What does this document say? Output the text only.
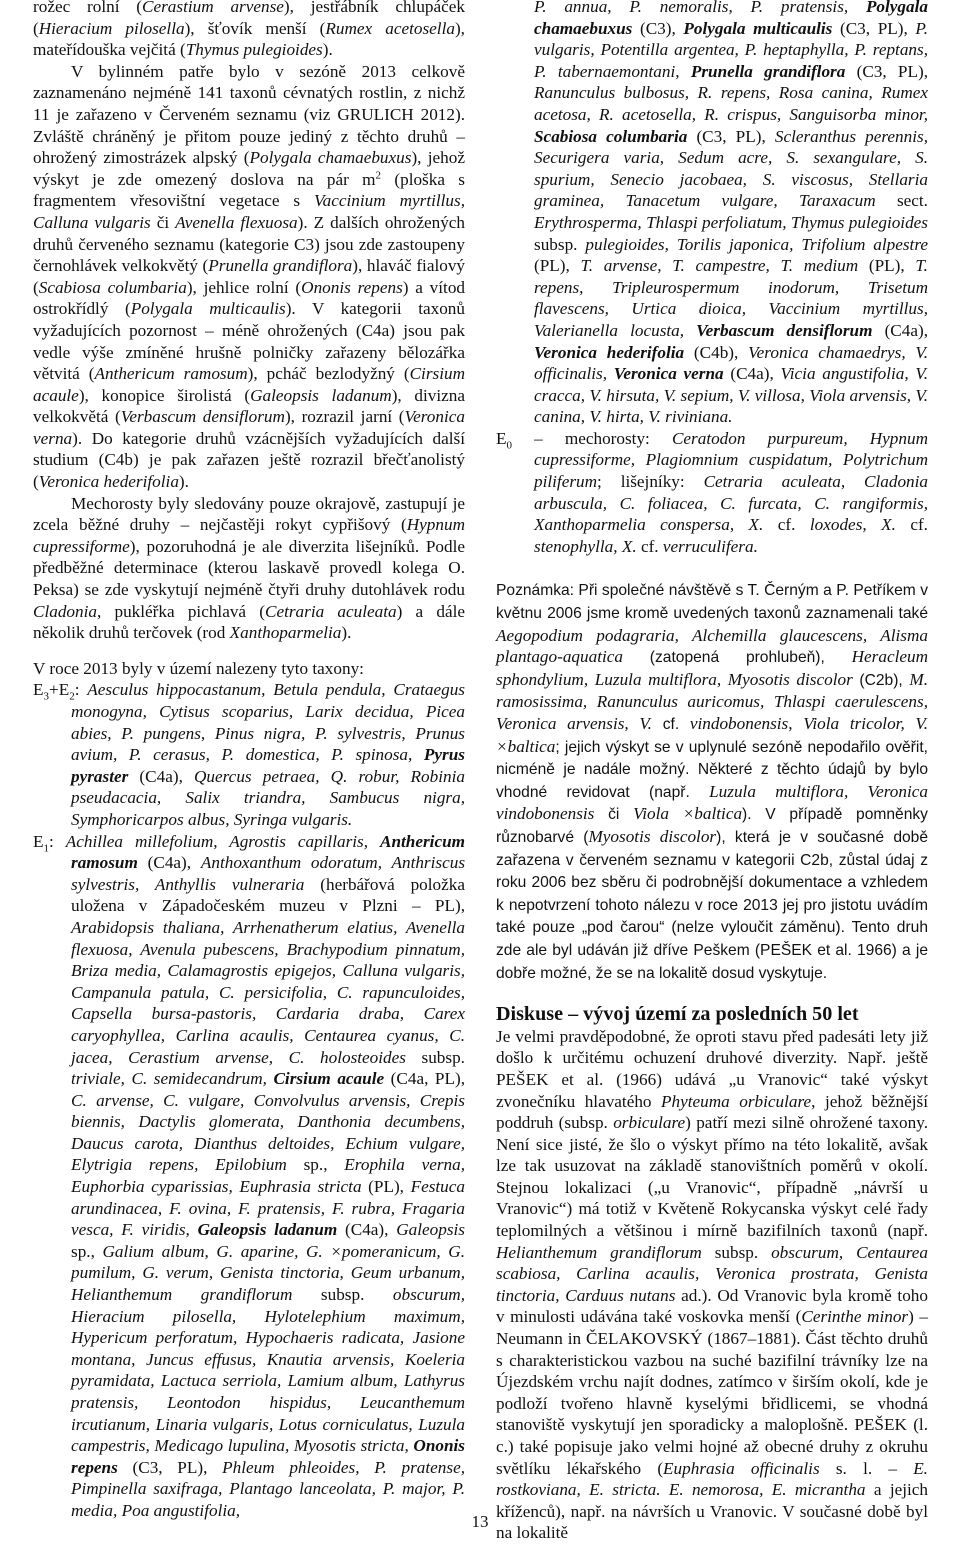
rožec rolní (Cerastium arvense), jestřábník chlupáček (Hieracium pilosella), šťovík menší (Rumex acetosella), mateřídouška vejčitá (Thymus pulegioides).

V bylinném patře bylo v sezóně 2013 celkově zaznamenáno nejméně 141 taxonů cévnatých rostlin, z nichž 11 je zařazeno v Červeném seznamu (viz GRULICH 2012). Zvláště chráněný je přitom pouze jediný z těchto druhů – ohrožený zimostrázek alpský (Polygala chamaebuxus), jehož výskyt je zde omezený doslova na pár $m^2$ (ploška s fragmentem vřesovištní vegetace s Vaccinium myrtillus, Calluna vulgaris či Avenella flexuosa). Z dalších ohrožených druhů červeného seznamu (kategorie C3) jsou zde zastoupeny černohlávek velkokvětý (Prunella grandiflora), hlaváč fialový (Scabiosa columbaria), jehlice rolní (Ononis repens) a vítod ostrokřídlý (Polygala multicaulis). V kategorii taxonů vyžadujících pozornost – méně ohrožených (C4a) jsou pak vedle výše zmíněné hrušně polničky zařazeny bělozářka větvitá (Anthericum ramosum), pcháč bezlodyžný (Cirsium acaule), konopice širolistá (Galeopsis ladanum), divizna velkokvětá (Verbascum densiflorum), rozrazil jarní (Veronica verna). Do kategorie druhů vzácnějších vyžadujících další studium (C4b) je pak zařazen ještě rozrazil břečťanolistý (Veronica hederifolia).

Mechorosty byly sledovány pouze okrajově, zastupují je zcela běžné druhy – nejčastěji rokyt cypřišový (Hypnum cupressiforme), pozoruhodná je ale diverzita lišejníků. Podle předběžné determinace (kterou laskavě provedl kolega O. Peksa) se zde vyskytují nejméně čtyři druhy dutohlávek rodu Cladonia, pukléřka pichlavá (Cetraria aculeata) a dále několik druhů terčovek (rod Xanthoparmelia).

V roce 2013 byly v území nalezeny tyto taxony:

$E_3+E_2$: Aesculus hippocastanum, Betula pendula, Crataegus monogyna, Cytisus scoparius, Larix decidua, Picea abies, P. pungens, Pinus nigra, P. sylvestris, Prunus avium, P. cerasus, P. domestica, P. spinosa, Pyrus pyraster (C4a), Quercus petraea, Q. robur, Robinia pseudacacia, Salix triandra, Sambucus nigra, Symphoricarpos albus, Syringa vulgaris.

$E_1$: Achillea millefolium, Agrostis capillaris, Anthericum ramosum (C4a), Anthoxanthum odoratum, Anthriscus sylvestris, Anthyllis vulneraria (herbářová položka uložena v Západočeském muzeu v Plzni – PL), Arabidopsis thaliana, Arrhenatherum elatius, Avenella flexuosa, Avenula pubescens, Brachypodium pinnatum, Briza media, Calamagrostis epigejos, Calluna vulgaris, Campanula patula, C. persicifolia, C. rapunculoides, Capsella bursa-pastoris, Cardaria draba, Carex caryophyllea, Carlina acaulis, Centaurea cyanus, C. jacea, Cerastium arvense, C. holosteoides subsp. triviale, C. semidecandrum, Cirsium acaule (C4a, PL), C. arvense, C. vulgare, Convolvulus arvensis, Crepis biennis, Dactylis glomerata, Danthonia decumbens, Daucus carota, Dianthus deltoides, Echium vulgare, Elytrigia repens, Epilobium sp., Erophila verna, Euphorbia cyparissias, Euphrasia stricta (PL), Festuca arundinacea, F. ovina, F. pratensis, F. rubra, Fragaria vesca, F. viridis, Galeopsis ladanum (C4a), Galeopsis sp., Galium album, G. aparine, G. ×pomeranicum, G. pumilum, G. verum, Genista tinctoria, Geum urbanum, Helianthemum grandiflorum subsp. obscurum, Hieracium pilosella, Hylotelephium maximum, Hypericum perforatum, Hypochaeris radicata, Jasione montana, Juncus effusus, Knautia arvensis, Koeleria pyramidata, Lactuca serriola, Lamium album, Lathyrus pratensis, Leontodon hispidus, Leucanthemum ircutianum, Linaria vulgaris, Lotus corniculatus, Luzula campestris, Medicago lupulina, Myosotis stricta, Ononis repens (C3, PL), Phleum phleoides, P. pratense, Pimpinella saxifraga, Plantago lanceolata, P. major, P. media, Poa angustifolia,

P. annua, P. nemoralis, P. pratensis, Polygala chamaebuxus (C3), Polygala multicaulis (C3, PL), P. vulgaris, Potentilla argentea, P. heptaphylla, P. reptans, P. tabernaemontani, Prunella grandiflora (C3, PL), Ranunculus bulbosus, R. repens, Rosa canina, Rumex acetosa, R. acetosella, R. crispus, Sanguisorba minor, Scabiosa columbaria (C3, PL), Scleranthus perennis, Securigera varia, Sedum acre, S. sexangulare, S. spurium, Senecio jacobaea, S. viscosus, Stellaria graminea, Tanacetum vulgare, Taraxacum sect. Erythrosperma, Thlaspi perfoliatum, Thymus pulegioides subsp. pulegioides, Torilis japonica, Trifolium alpestre (PL), T. arvense, T. campestre, T. medium (PL), T. repens, Tripleurospermum inodorum, Trisetum flavescens, Urtica dioica, Vaccinium myrtillus, Valerianella locusta, Verbascum densiflorum (C4a), Veronica hederifolia (C4b), Veronica chamaedrys, V. officinalis, Veronica verna (C4a), Vicia angustifolia, V. cracca, V. hirsuta, V. sepium, V. villosa, Viola arvensis, V. canina, V. hirta, V. riviniana.

$E_0$ – mechorosty: Ceratodon purpureum, Hypnum cupressiforme, Plagiomnium cuspidatum, Polytrichum piliferum; lišejníky: Cetraria aculeata, Cladonia arbuscula, C. foliacea, C. furcata, C. rangiformis, Xanthoparmelia conspersa, X. cf. loxodes, X. cf. stenophylla, X. cf. verruculifera.

Poznámka: Při společné návštěvě s T. Černým a P. Petříkem v květnu 2006 jsme kromě uvedených taxonů zaznamenali také Aegopodium podagraria, Alchemilla glaucescens, Alisma plantago-aquatica (zatopená prohlubeň), Heracleum sphondylium, Luzula multiflora, Myosotis discolor (C2b), M. ramosissima, Ranunculus auricomus, Thlaspi caerulescens, Veronica arvensis, V. cf. vindobonensis, Viola tricolor, V. ×baltica; jejich výskyt se v uplynulé sezóně nepodařilo ověřit, nicméně je nadále možný. Některé z těchto údajů by bylo vhodné revidovat (např. Luzula multiflora, Veronica vindobonensis či Viola ×baltica). V případě pomněnky různobarvé (Myosotis discolor), která je v současné době zařazena v červeném seznamu v kategorii C2b, zůstal údaj z roku 2006 bez sběru či podrobnější dokumentace a vzhledem k nepotvrzení tohoto nálezu v roce 2013 jej pro jistotu uvádím také pouze „pod čarou“ (nelze vyloučit záměnu). Tento druh zde ale byl udáván již dříve Peškem (PEŠEK et al. 1966) a je dobře možné, že se na lokalitě dosud vyskytuje.

Diskuse – vývoj území za posledních 50 let

Je velmi pravděpodobné, že oproti stavu před padesáti lety již došlo k určitému ochuzení druhové diverzity. Např. ještě PEŠEK et al. (1966) udává „u Vranovic“ také výskyt zvonečníku hlavatého Phyteuma orbiculare, jehož běžnější poddruh (subsp. orbiculare) patří mezi silně ohrožené taxony. Není sice jisté, že šlo o výskyt přímo na této lokalitě, avšak lze tak usuzovat na základě stanovištních poměrů v okolí. Stejnou lokalizaci („u Vranovic“, případně „návrší u Vranovic“) má totiž v Květeně Rokycanska výskyt celé řady teplomilných a většinou i mírně bazifilních taxonů (např. Helianthemum grandiflorum subsp. obscurum, Centaurea scabiosa, Carlina acaulis, Veronica prostrata, Genista tinctoria, Carduus nutans ad.). Od Vranovic byla kromě toho v minulosti udávána také voskovka menší (Cerinthe minor) – Neumann in ČELAKOVSKÝ (1867–1881). Část těchto druhů s charakteristickou vazbou na suché bazifilní trávníky lze na Újezdském vrchu najít dodnes, zatímco v širším okolí, kde je podloží tvořeno hlavně kyselými břidlicemi, se vhodná stanoviště vyskytují jen sporadicky a maloplošně. PEŠEK (l. c.) také popisuje jako velmi hojné až obecné druhy z okruhu světlíku lékařského (Euphrasia officinalis s. l. – E. rostkoviana, E. stricta. E. nemorosa, E. micrantha a jejich kříženců), např. na návrších u Vranovic. V současné době byl na lokalitě

13
